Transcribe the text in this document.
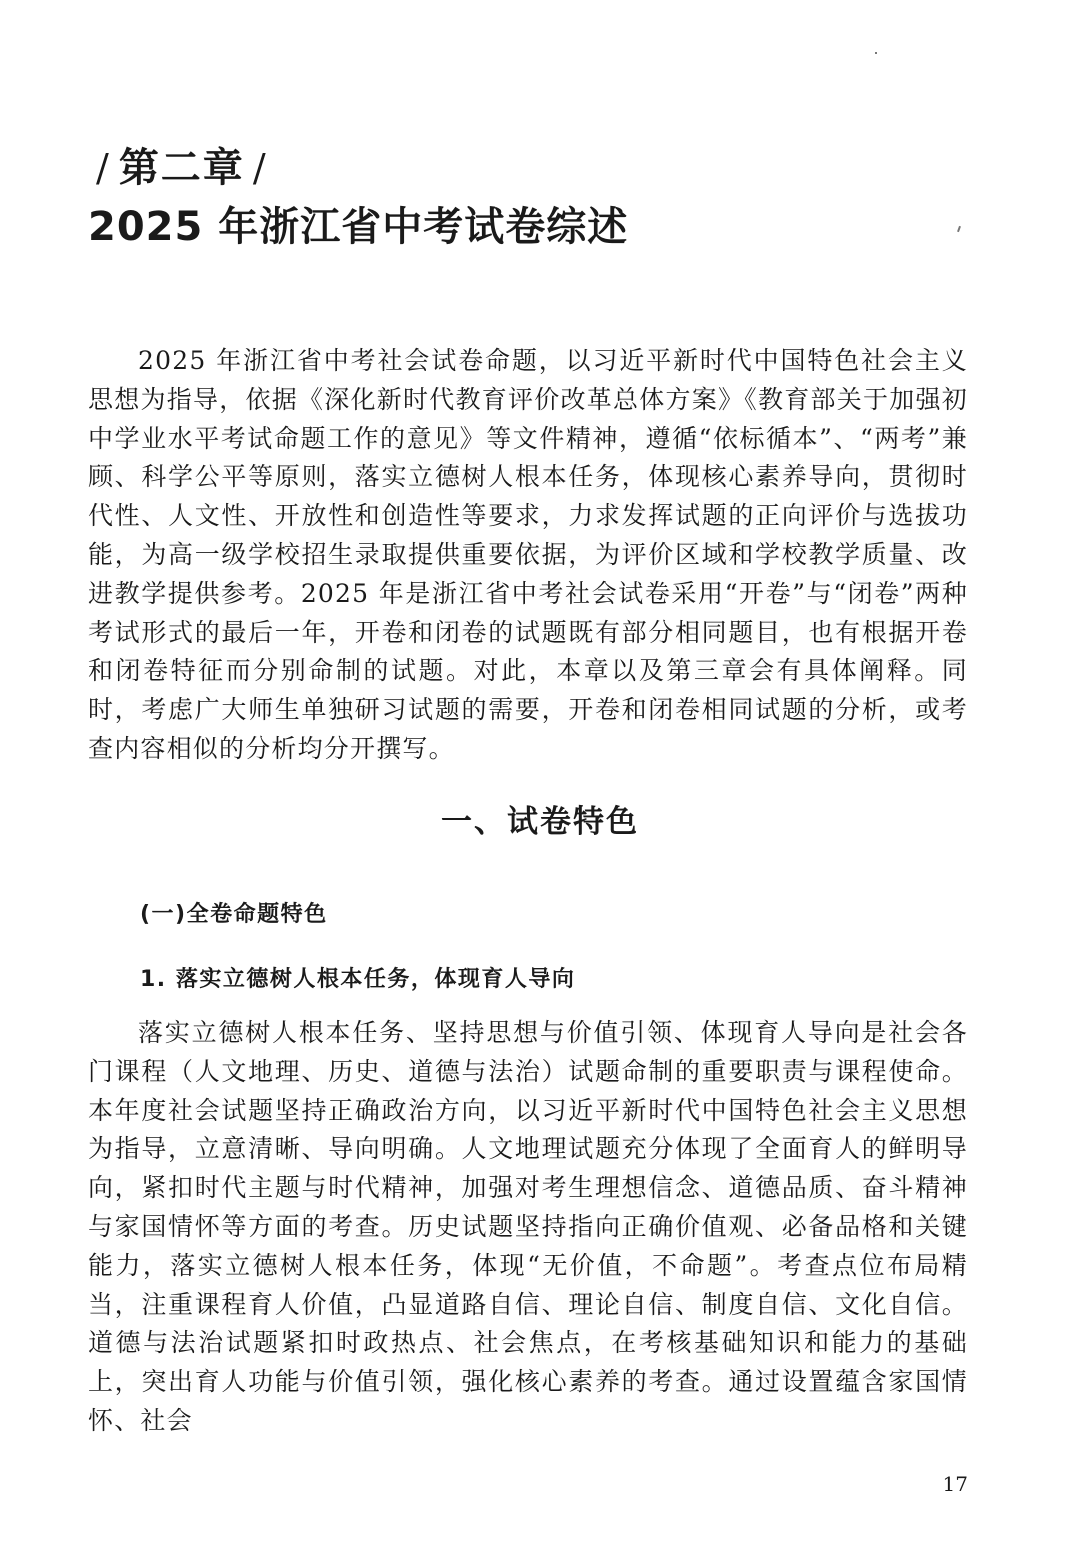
/ 第二章 /
2025 年浙江省中考试卷综述
2025 年浙江省中考社会试卷命题，以习近平新时代中国特色社会主义思想为指导，依据《深化新时代教育评价改革总体方案》《教育部关于加强初中学业水平考试命题工作的意见》等文件精神，遵循“依标循本”、“两考”兼顾、科学公平等原则，落实立德树人根本任务，体现核心素养导向，贯彻时代性、人文性、开放性和创造性等要求，力求发挥试题的正向评价与选拔功能，为高一级学校招生录取提供重要依据，为评价区域和学校教学质量、改进教学提供参考。2025 年是浙江省中考社会试卷采用“开卷”与“闭卷”两种考试形式的最后一年，开卷和闭卷的试题既有部分相同题目，也有根据开卷和闭卷特征而分别命制的试题。对此，本章以及第三章会有具体阐释。同时，考虑广大师生单独研习试题的需要，开卷和闭卷相同试题的分析，或考查内容相似的分析均分开撰写。
一、试卷特色
(一)全卷命题特色
1. 落实立德树人根本任务，体现育人导向
落实立德树人根本任务、坚持思想与价值引领、体现育人导向是社会各门课程（人文地理、历史、道德与法治）试题命制的重要职责与课程使命。本年度社会试题坚持正确政治方向，以习近平新时代中国特色社会主义思想为指导，立意清晰、导向明确。人文地理试题充分体现了全面育人的鲜明导向，紧扣时代主题与时代精神，加强对考生理想信念、道德品质、奋斗精神与家国情怀等方面的考查。历史试题坚持指向正确价值观、必备品格和关键能力，落实立德树人根本任务，体现“无价值，不命题”。考查点位布局精当，注重课程育人价值，凸显道路自信、理论自信、制度自信、文化自信。道德与法治试题紧扣时政热点、社会焦点，在考核基础知识和能力的基础上，突出育人功能与价值引领，强化核心素养的考查。通过设置蕴含家国情怀、社会
17
